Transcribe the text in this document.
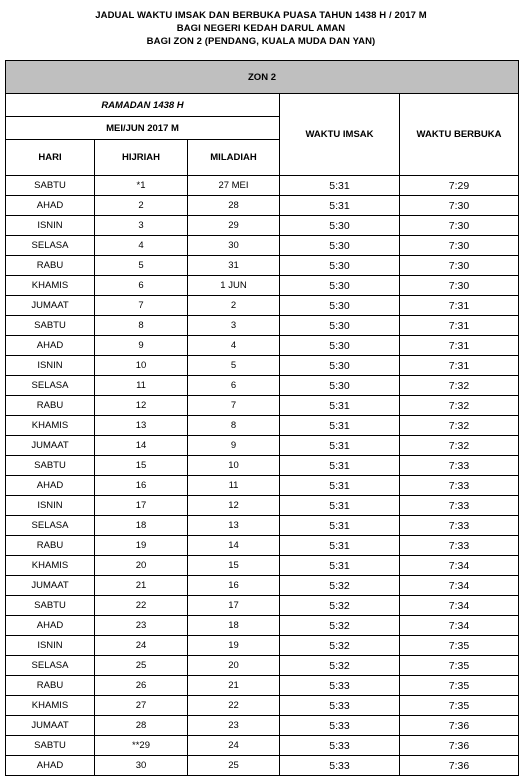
JADUAL WAKTU IMSAK DAN BERBUKA PUASA TAHUN 1438 H / 2017 M
BAGI NEGERI KEDAH DARUL AMAN
BAGI ZON 2 (PENDANG, KUALA MUDA DAN YAN)
ZON 2				
RAMADAN 1438 H			WAKTU IMSAK	WAKTU BERBUKA
MEI/JUN 2017 M				
HARI	HIJRIAH	MILADIAH		
SABTU	*1	27 MEI	5:31	7:29
AHAD	2	28	5:31	7:30
ISNIN	3	29	5:30	7:30
SELASA	4	30	5:30	7:30
RABU	5	31	5:30	7:30
KHAMIS	6	1 JUN	5:30	7:30
JUMAAT	7	2	5:30	7:31
SABTU	8	3	5:30	7:31
AHAD	9	4	5:30	7:31
ISNIN	10	5	5:30	7:31
SELASA	11	6	5:30	7:32
RABU	12	7	5:31	7:32
KHAMIS	13	8	5:31	7:32
JUMAAT	14	9	5:31	7:32
SABTU	15	10	5:31	7:33
AHAD	16	11	5:31	7:33
ISNIN	17	12	5:31	7:33
SELASA	18	13	5:31	7:33
RABU	19	14	5:31	7:33
KHAMIS	20	15	5:31	7:34
JUMAAT	21	16	5:32	7:34
SABTU	22	17	5:32	7:34
AHAD	23	18	5:32	7:34
ISNIN	24	19	5:32	7:35
SELASA	25	20	5:32	7:35
RABU	26	21	5:33	7:35
KHAMIS	27	22	5:33	7:35
JUMAAT	28	23	5:33	7:36
SABTU	**29	24	5:33	7:36
AHAD	30	25	5:33	7:36
